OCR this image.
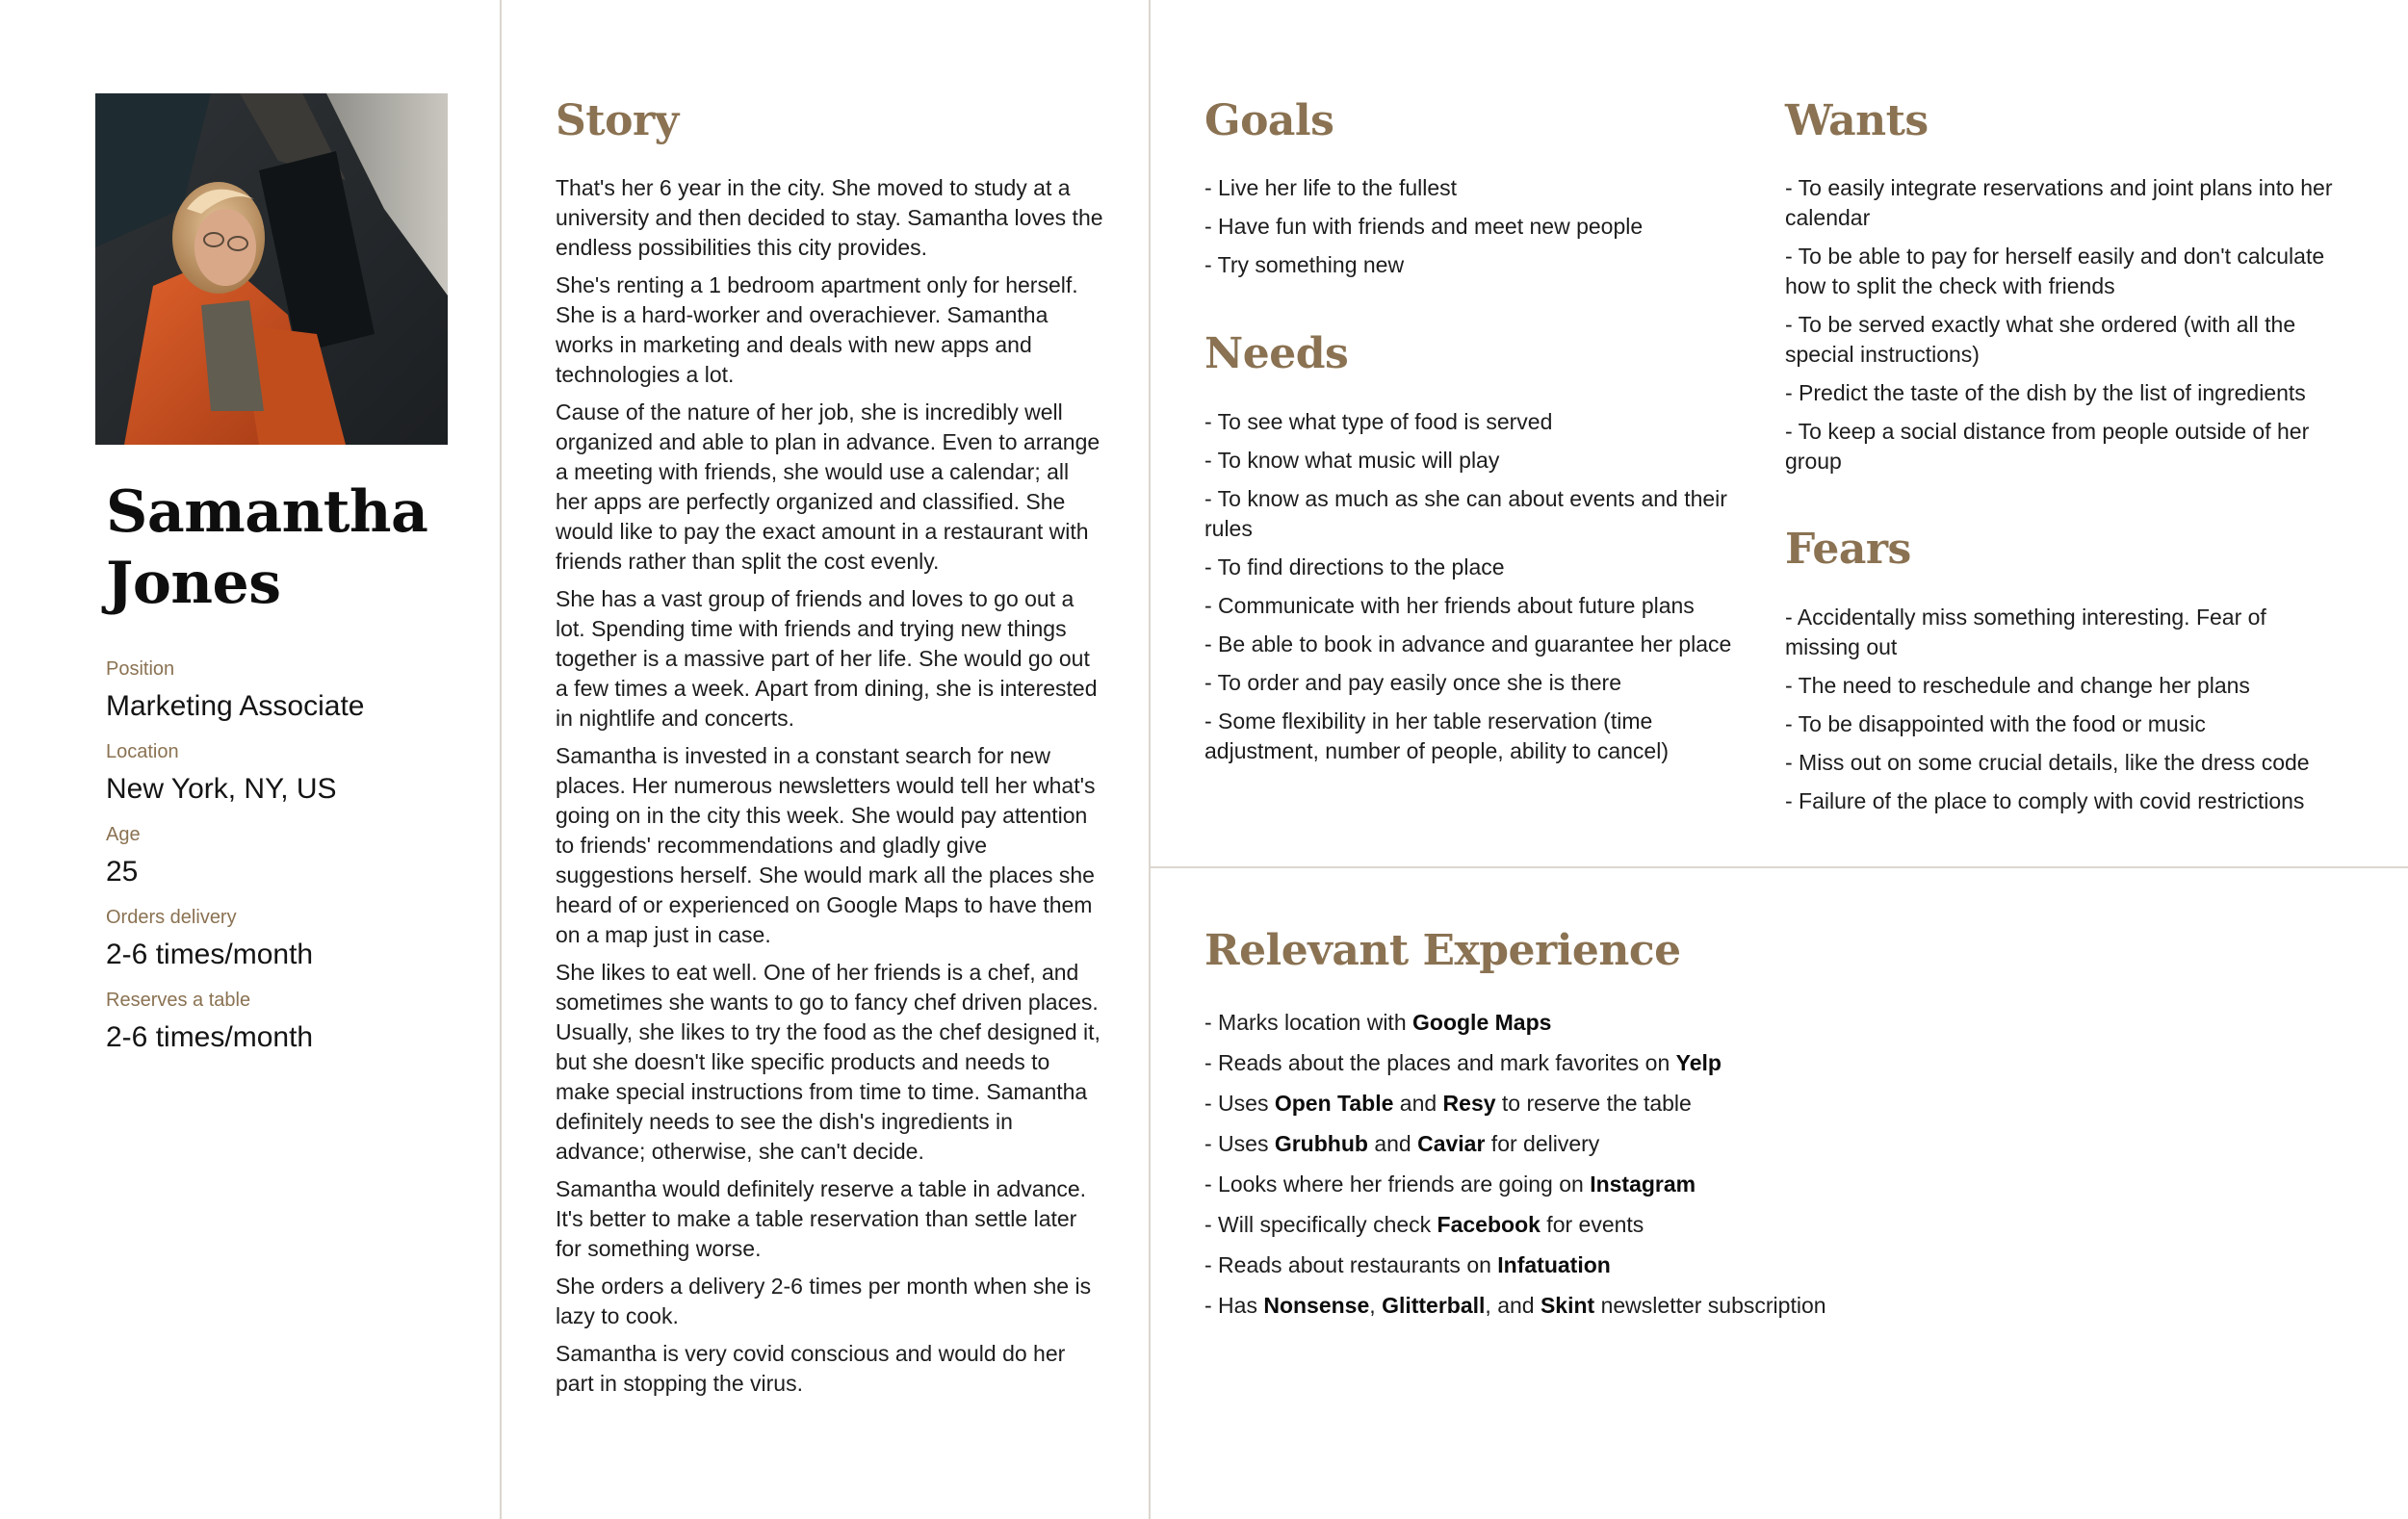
Samantha
Jones
Position
Marketing Associate
Location
New York, NY, US
Age
25
Orders delivery
2-6 times/month
Reserves a table
2-6 times/month
Story

That's her 6 year in the city. She moved to study at a university and then decided to stay. Samantha loves the endless possibilities this city provides.

She's renting a 1 bedroom apartment only for herself. She is a hard-worker and overachiever. Samantha works in marketing and deals with new apps and technologies a lot.

Cause of the nature of her job, she is incredibly well organized and able to plan in advance. Even to arrange a meeting with friends, she would use a calendar; all her apps are perfectly organized and classified. She would like to pay the exact amount in a restaurant with friends rather than split the cost evenly.

She has a vast group of friends and loves to go out a lot. Spending time with friends and trying new things together is a massive part of her life. She would go out a few times a week. Apart from dining, she is interested in nightlife and concerts.

Samantha is invested in a constant search for new places. Her numerous newsletters would tell her what's going on in the city this week. She would pay attention to friends' recommendations and gladly give suggestions herself. She would mark all the places she heard of or experienced on Google Maps to have them on a map just in case.

She likes to eat well. One of her friends is a chef, and sometimes she wants to go to fancy chef driven places. Usually, she likes to try the food as the chef designed it, but she doesn't like specific products and needs to make special instructions from time to time. Samantha definitely needs to see the dish's ingredients in advance; otherwise, she can't decide.

Samantha would definitely reserve a table in advance. It's better to make a table reservation than settle later for something worse.

She orders a delivery 2-6 times per month when she is lazy to cook.

Samantha is very covid conscious and would do her part in stopping the virus.

Goals
- Live her life to the fullest
- Have fun with friends and meet new people
- Try something new
Needs
- To see what type of food is served
- To know what music will play
- To know as much as she can about events and their rules
- To find directions to the place
- Communicate with her friends about future plans
- Be able to book in advance and guarantee her place
- To order and pay easily once she is there
- Some flexibility in her table reservation (time adjustment, number of people, ability to cancel)
Wants
- To easily integrate reservations and joint plans into her calendar
- To be able to pay for herself easily and don't calculate how to split the check with friends
- To be served exactly what she ordered (with all the special instructions)
- Predict the taste of the dish by the list of ingredients
- To keep a social distance from people outside of her group
Fears
- Accidentally miss something interesting. Fear of missing out
- The need to reschedule and change her plans
- To be disappointed with the food or music
- Miss out on some crucial details, like the dress code
- Failure of the place to comply with covid restrictions
Relevant Experience
- Marks location with Google Maps
- Reads about the places and mark favorites on Yelp
- Uses Open Table and Resy to reserve the table
- Uses Grubhub and Caviar for delivery
- Looks where her friends are going on Instagram
- Will specifically check Facebook for events
- Reads about restaurants on Infatuation
- Has Nonsense, Glitterball, and Skint newsletter subscription
